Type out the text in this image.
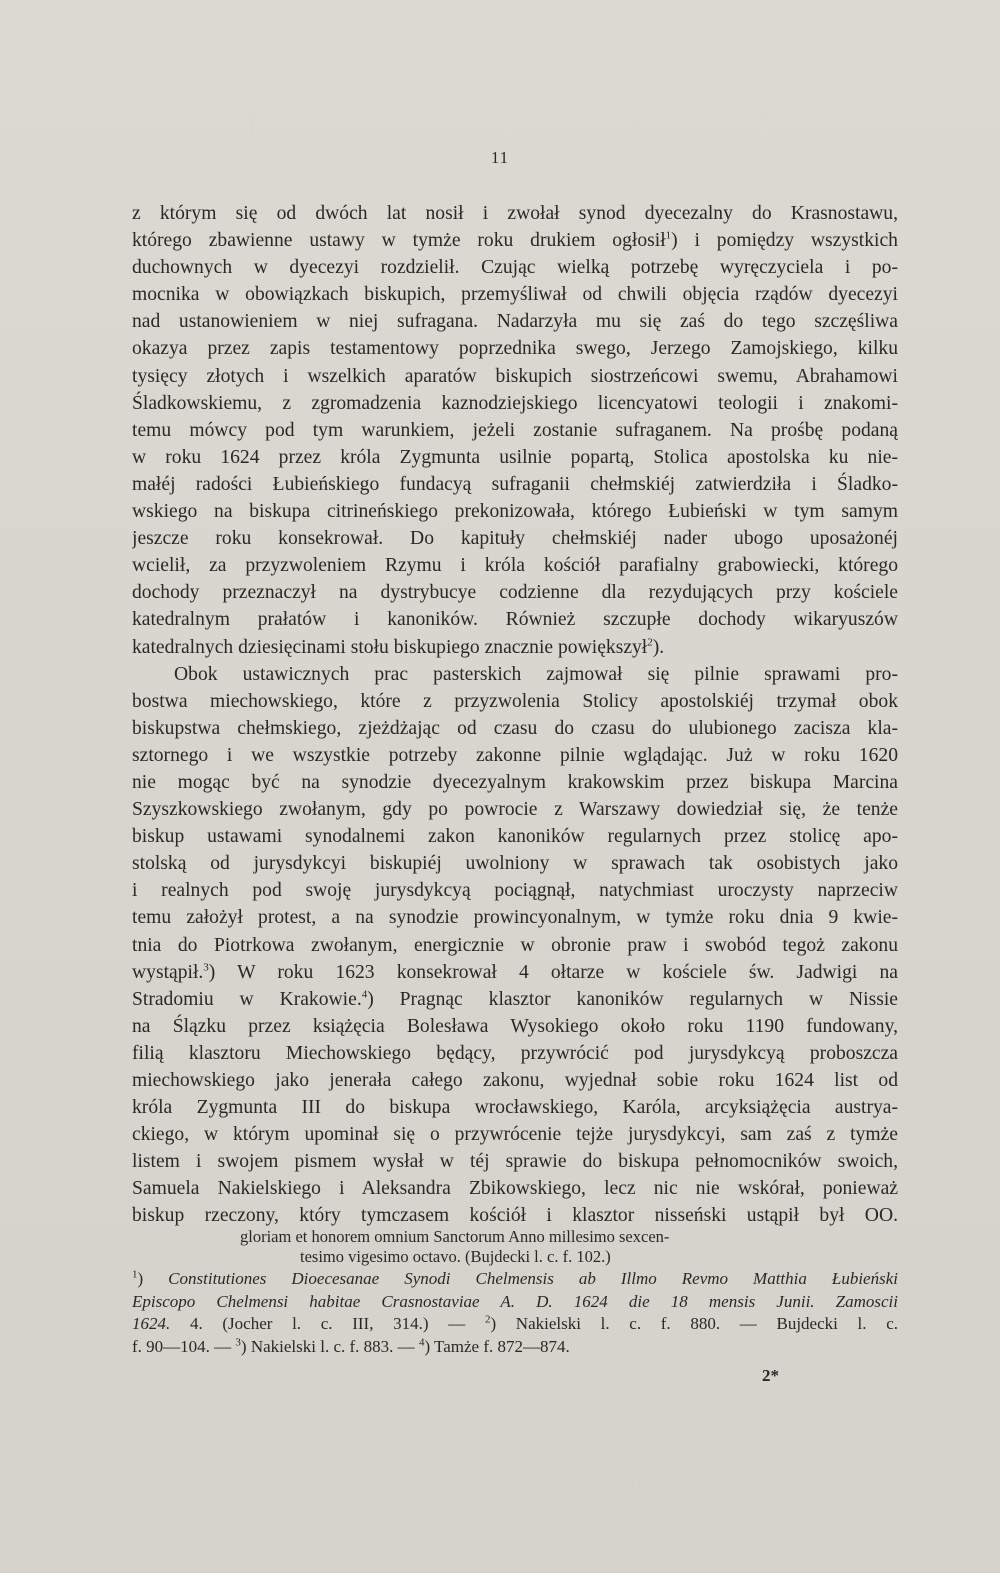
11
z którym się od dwóch lat nosił i zwołał synod dyecezalny do Krasnostawu,
którego zbawienne ustawy w tymże roku drukiem ogłosił$^1$) i pomiędzy wszystkich
duchownych w dyecezyi rozdzielił. Czując wielką potrzebę wyręczyciela i po-
mocnika w obowiązkach biskupich, przemyśliwał od chwili objęcia rządów dyecezyi
nad ustanowieniem w niej sufragana. Nadarzyła mu się zaś do tego szczęśliwa
okazya przez zapis testamentowy poprzednika swego, Jerzego Zamojskiego, kilku
tysięcy złotych i wszelkich aparatów biskupich siostrzeńcowi swemu, Abrahamowi
Śladkowskiemu, z zgromadzenia kaznodziejskiego licencyatowi teologii i znakomi-
temu mówcy pod tym warunkiem, jeżeli zostanie sufraganem. Na prośbę podaną
w roku 1624 przez króla Zygmunta usilnie popartą, Stolica apostolska ku nie-
małéj radości Łubieńskiego fundacyą sufraganii chełmskiéj zatwierdziła i Śladko-
wskiego na biskupa citrineńskiego prekonizowała, którego Łubieński w tym samym
jeszcze roku konsekrował. Do kapituły chełmskiéj nader ubogo uposażonéj
wcielił, za przyzwoleniem Rzymu i króla kościół parafialny grabowiecki, którego
dochody przeznaczył na dystrybucye codzienne dla rezydujących przy kościele
katedralnym prałatów i kanoników. Również szczupłe dochody wikaryuszów
katedralnych dziesięcinami stołu biskupiego znacznie powiększył$^2$).
Obok ustawicznych prac pasterskich zajmował się pilnie sprawami pro-
bostwa miechowskiego, które z przyzwolenia Stolicy apostolskiéj trzymał obok
biskupstwa chełmskiego, zjeżdżając od czasu do czasu do ulubionego zacisza kla-
sztornego i we wszystkie potrzeby zakonne pilnie wglądając. Już w roku 1620
nie mogąc być na synodzie dyecezyalnym krakowskim przez biskupa Marcina
Szyszkowskiego zwołanym, gdy po powrocie z Warszawy dowiedział się, że tenże
biskup ustawami synodalnemi zakon kanoników regularnych przez stolicę apo-
stolską od jurysdykcyi biskupiéj uwolniony w sprawach tak osobistych jako
i realnych pod swoję jurysdykcyą pociągnął, natychmiast uroczysty naprzeciw
temu założył protest, a na synodzie prowincyonalnym, w tymże roku dnia 9 kwie-
tnia do Piotrkowa zwołanym, energicznie w obronie praw i swobód tegoż zakonu
wystąpił.$^3$) W roku 1623 konsekrował 4 ołtarze w kościele św. Jadwigi na
Stradomiu w Krakowie.$^4$) Pragnąc klasztor kanoników regularnych w Nissie
na Ślązku przez książęcia Bolesława Wysokiego około roku 1190 fundowany,
filią klasztoru Miechowskiego będący, przywrócić pod jurysdykcyą proboszcza
miechowskiego jako jenerała całego zakonu, wyjednał sobie roku 1624 list od
króla Zygmunta III do biskupa wrocławskiego, Karóla, arcyksiążęcia austrya-
ckiego, w którym upominał się o przywrócenie tejże jurysdykcyi, sam zaś z tymże
listem i swojem pismem wysłał w téj sprawie do biskupa pełnomocników swoich,
Samuela Nakielskiego i Aleksandra Zbikowskiego, lecz nic nie wskórał, ponieważ
biskup rzeczony, który tymczasem kościół i klasztor nisseński ustąpił był OO.
gloriam et honorem omnium Sanctorum Anno millesimo sexcen-
tesimo vigesimo octavo. (Bujdecki l. c. f. 102.)
$^1$) Constitutiones Dioecesanae Synodi Chelmensis ab Illmo Revmo Matthia Łubieński
Episcopo Chelmensi habitae Crasnostaviae A. D. 1624 die 18 mensis Junii. Zamoscii
1624. 4. (Jocher l. c. III, 314.) — $^2$) Nakielski l. c. f. 880. — Bujdecki l. c.
f. 90—104. — $^3$) Nakielski l. c. f. 883. — $^4$) Tamże f. 872—874.
2*
